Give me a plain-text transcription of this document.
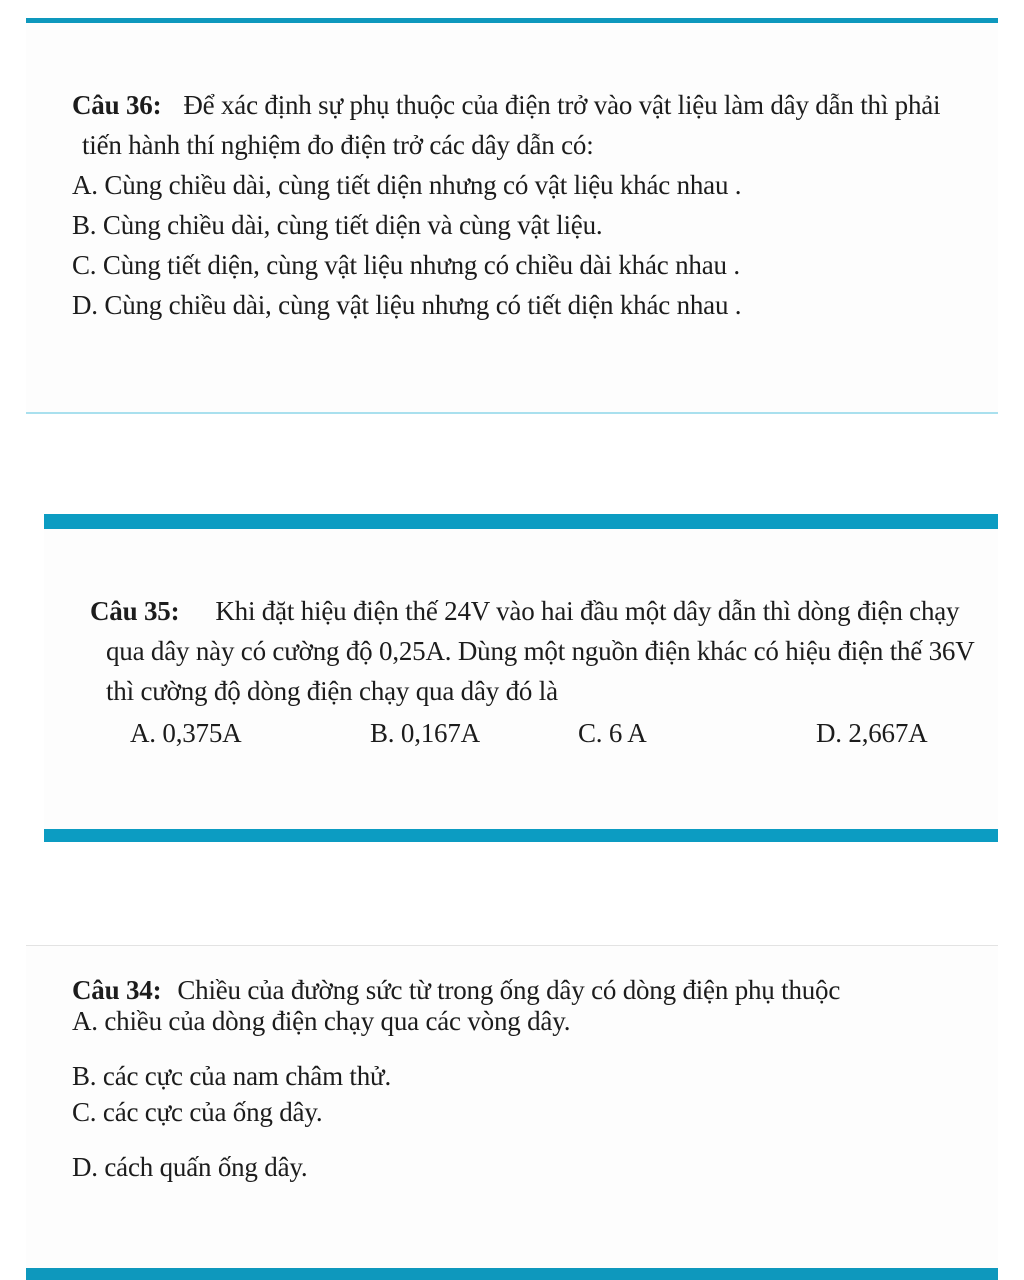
Câu 36: Để xác định sự phụ thuộc của điện trở vào vật liệu làm dây dẫn thì phải
tiến hành thí nghiệm đo điện trở các dây dẫn có:
A. Cùng chiều dài, cùng tiết diện nhưng có vật liệu khác nhau .
B. Cùng chiều dài, cùng tiết diện và cùng vật liệu.
C. Cùng tiết diện, cùng vật liệu nhưng có chiều dài khác nhau .
D. Cùng chiều dài, cùng vật liệu nhưng có tiết diện khác nhau .
Câu 35: Khi đặt hiệu điện thế 24V vào hai đầu một dây dẫn thì dòng điện chạy
qua dây này có cường độ 0,25A. Dùng một nguồn điện khác có hiệu điện thế 36V
thì cường độ dòng điện chạy qua dây đó là
A. 0,375A	B. 0,167A	C. 6 A	D. 2,667A
Câu 34: Chiều của đường sức từ trong ống dây có dòng điện phụ thuộc
A. chiều của dòng điện chạy qua các vòng dây.
B. các cực của nam châm thử.
C. các cực của ống dây.
D. cách quấn ống dây.
